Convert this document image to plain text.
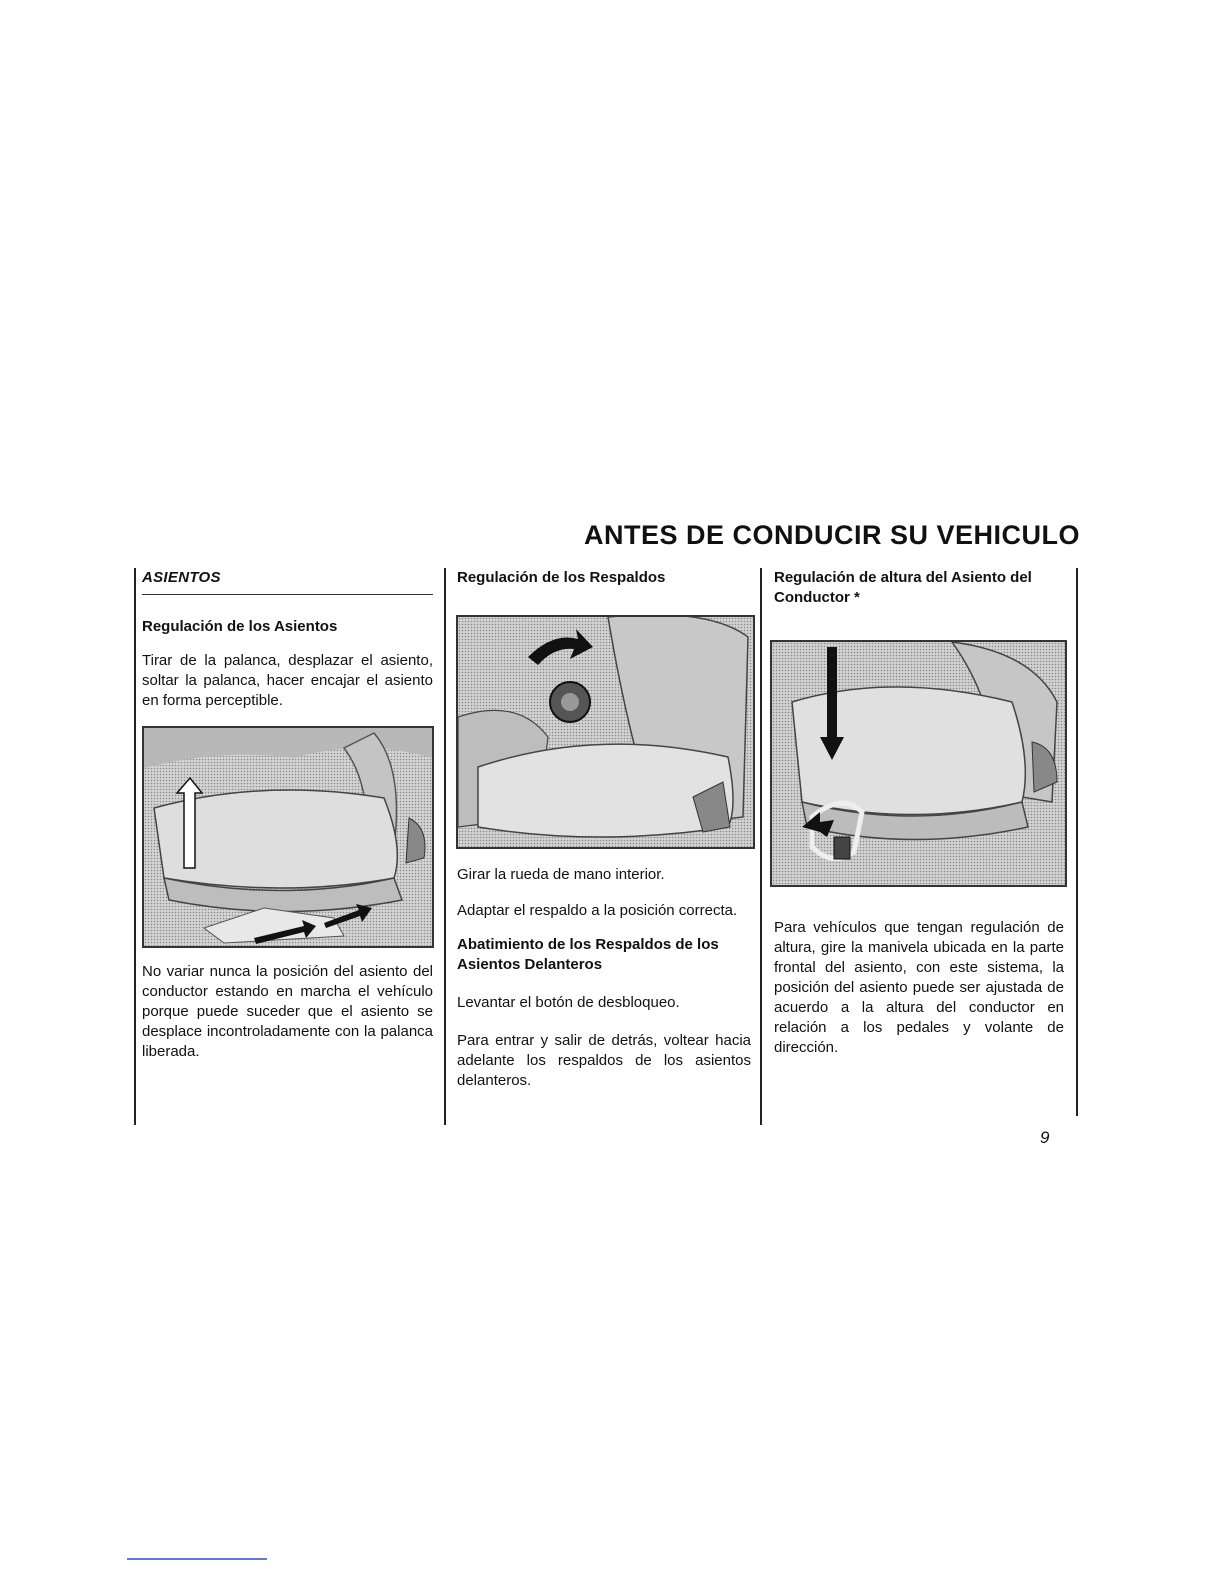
ANTES DE CONDUCIR SU VEHICULO
ASIENTOS
Regulación de los Asientos

Tirar de la palanca, desplazar el asiento, soltar la palanca, hacer encajar el asiento en forma perceptible.

No variar nunca la posición del asiento del conductor estando en marcha el vehículo porque puede suceder que el asiento se desplace incontroladamente con la palanca liberada.

Regulación de los Respaldos

Girar la rueda de mano interior.

Adaptar el respaldo a la posición correcta.

Abatimiento de los Respaldos de los Asientos Delanteros

Levantar el botón de desbloqueo.

Para entrar y salir de detrás, voltear hacia adelante los respaldos de los asientos delanteros.

Regulación de altura del Asiento del Conductor *

Para vehículos que tengan regulación de altura, gire la manivela ubicada en la parte frontal del asiento, con este sistema, la posición del asiento puede ser ajustada de acuerdo a la altura del conductor en relación a los pedales y volante de dirección.

9
